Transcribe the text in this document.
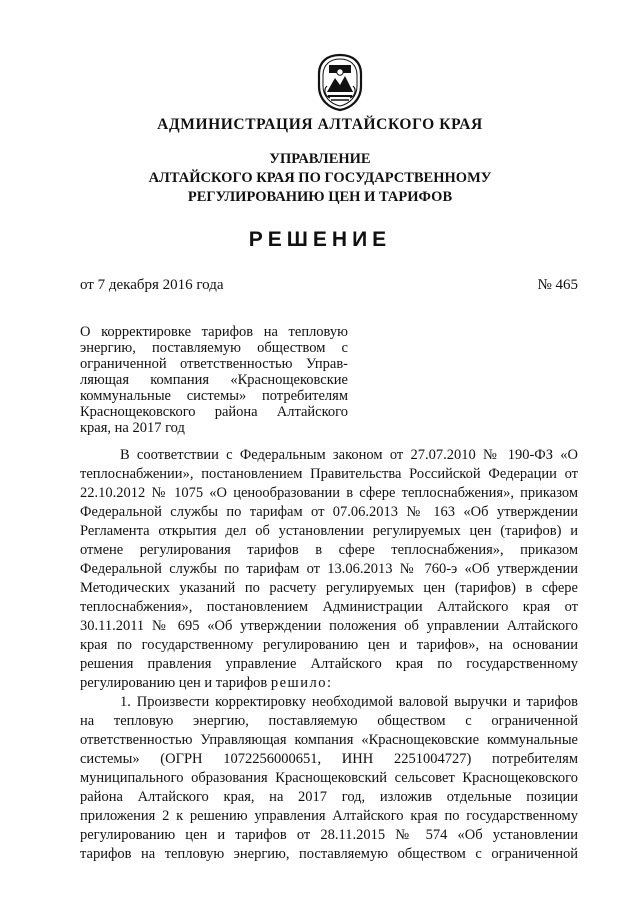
АДМИНИСТРАЦИЯ АЛТАЙСКОГО КРАЯ
УПРАВЛЕНИЕ
АЛТАЙСКОГО КРАЯ ПО ГОСУДАРСТВЕННОМУ
РЕГУЛИРОВАНИЮ ЦЕН И ТАРИФОВ
РЕШЕНИЕ
от 7 декабря 2016 года	№ 465
О корректировке тарифов на тепловую
энергию, поставляемую обществом с
ограниченной ответственностью Управ-
ляющая компания «Краснощековские
коммунальные системы» потребителям
Краснощековского района Алтайского
края, на 2017 год
В соответствии с Федеральным законом от 27.07.2010 № 190-ФЗ «О
теплоснабжении», постановлением Правительства Российской Федерации от
22.10.2012 № 1075 «О ценообразовании в сфере теплоснабжения», приказом
Федеральной службы по тарифам от 07.06.2013 № 163 «Об утверждении
Регламента открытия дел об установлении регулируемых цен (тарифов) и
отмене регулирования тарифов в сфере теплоснабжения», приказом
Федеральной службы по тарифам от 13.06.2013 № 760-э «Об утверждении
Методических указаний по расчету регулируемых цен (тарифов) в сфере
теплоснабжения», постановлением Администрации Алтайского края от
30.11.2011 № 695 «Об утверждении положения об управлении Алтайского
края по государственному регулированию цен и тарифов», на основании
решения правления управление Алтайского края по государственному
регулированию цен и тарифов решило:
1. Произвести корректировку необходимой валовой выручки и тарифов
на тепловую энергию, поставляемую обществом с ограниченной
ответственностью Управляющая компания «Краснощековские коммунальные
системы» (ОГРН 1072256000651, ИНН 2251004727) потребителям
муниципального образования Краснощековский сельсовет Краснощековского
района Алтайского края, на 2017 год, изложив отдельные позиции
приложения 2 к решению управления Алтайского края по государственному
регулированию цен и тарифов от 28.11.2015 № 574 «Об установлении
тарифов на тепловую энергию, поставляемую обществом с ограниченной
